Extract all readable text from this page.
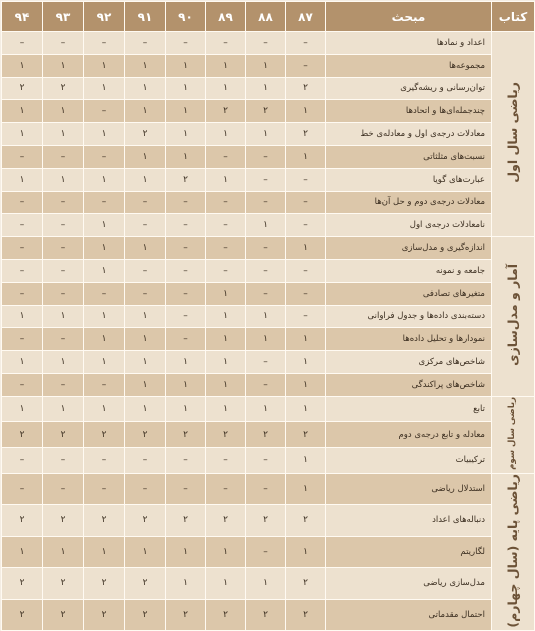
کتاب	مبحث	۸۷	۸۸	۸۹	۹۰	۹۱	۹۲	۹۳	۹۴
ریاضی سال اول	اعداد و نمادها	–	–	–	–	–	–	–	–
	مجموعه‌ها	–	۱	۱	۱	۱	۱	۱	۱
	توان‌رسانی و ریشه‌گیری	۲	۱	۱	۱	۱	۱	۲	۲
	چندجمله‌ای‌ها و اتحادها	۱	۲	۲	۱	۱	–	۱	۱
	معادلات درجه‌ی اول و معادله‌ی خط	۲	۱	۱	۱	۲	۱	۱	۱
	نسبت‌های مثلثاتی	۱	–	–	۱	۱	–	–	–
	عبارت‌های گویا	–	–	۱	۲	۱	۱	۱	۱
	معادلات درجه‌ی دوم و حل آن‌ها	–	–	–	–	–	–	–	–
	نامعادلات درجه‌ی اول	–	۱	–	–	–	۱	–	–
آمار و مدل‌سازی	اندازه‌گیری و مدل‌سازی	۱	–	–	–	۱	۱	–	–
	جامعه و نمونه	–	–	–	–	–	۱	–	–
	متغیرهای تصادفی	–	–	۱	–	–	–	–	–
	دسته‌بندی داده‌ها و جدول فراوانی	–	۱	۱	–	۱	۱	۱	۱
	نمودارها و تحلیل داده‌ها	۱	۱	۱	–	۱	۱	–	–
	شاخص‌های مرکزی	۱	–	۱	۱	۱	۱	۱	۱
	شاخص‌های پراکندگی	۱	–	۱	۱	۱	–	–	–
ریاضی سال سوم	تابع	۱	۱	۱	۱	۱	۱	۱	۱
	معادله و تابع درجه‌ی دوم	۲	۲	۲	۲	۲	۲	۲	۲
	ترکیبیات	۱	–	–	–	–	–	–	–
ریاضی پایه (سال چهارم)	استدلال ریاضی	۱	–	–	–	–	–	–	–
	دنباله‌های اعداد	۲	۲	۲	۲	۲	۲	۲	۲
	لگاریتم	۱	–	۱	۱	۱	۱	۱	۱
	مدل‌سازی ریاضی	۲	۱	۱	۱	۲	۲	۲	۲
	احتمال مقدماتی	۲	۲	۲	۲	۲	۲	۲	۲
